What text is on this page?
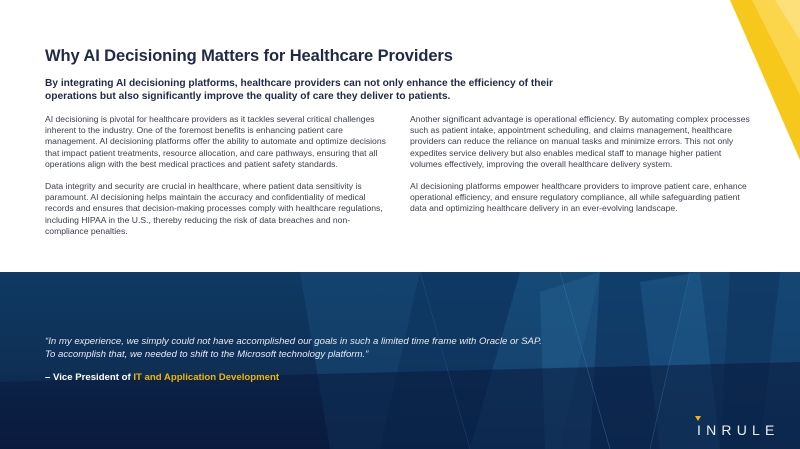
Why AI Decisioning Matters for Healthcare Providers

By integrating AI decisioning platforms, healthcare providers can not only enhance the efficiency of their operations but also significantly improve the quality of care they deliver to patients.

AI decisioning is pivotal for healthcare providers as it tackles several critical challenges inherent to the industry. One of the foremost benefits is enhancing patient care management. AI decisioning platforms offer the ability to automate and optimize decisions that impact patient treatments, resource allocation, and care pathways, ensuring that all operations align with the best medical practices and patient safety standards.

Data integrity and security are crucial in healthcare, where patient data sensitivity is paramount. AI decisioning helps maintain the accuracy and confidentiality of medical records and ensures that decision-making processes comply with healthcare regulations, including HIPAA in the U.S., thereby reducing the risk of data breaches and non-compliance penalties.

Another significant advantage is operational efficiency. By automating complex processes such as patient intake, appointment scheduling, and claims management, healthcare providers can reduce the reliance on manual tasks and minimize errors. This not only expedites service delivery but also enables medical staff to manage higher patient volumes effectively, improving the overall healthcare delivery system.

AI decisioning platforms empower healthcare providers to improve patient care, enhance operational efficiency, and ensure regulatory compliance, all while safeguarding patient data and optimizing healthcare delivery in an ever-evolving landscape.

“In my experience, we simply could not have accomplished our goals in such a limited time frame with Oracle or SAP. To accomplish that, we needed to shift to the Microsoft technology platform.”

– Vice President of IT and Application Development

INRULE
